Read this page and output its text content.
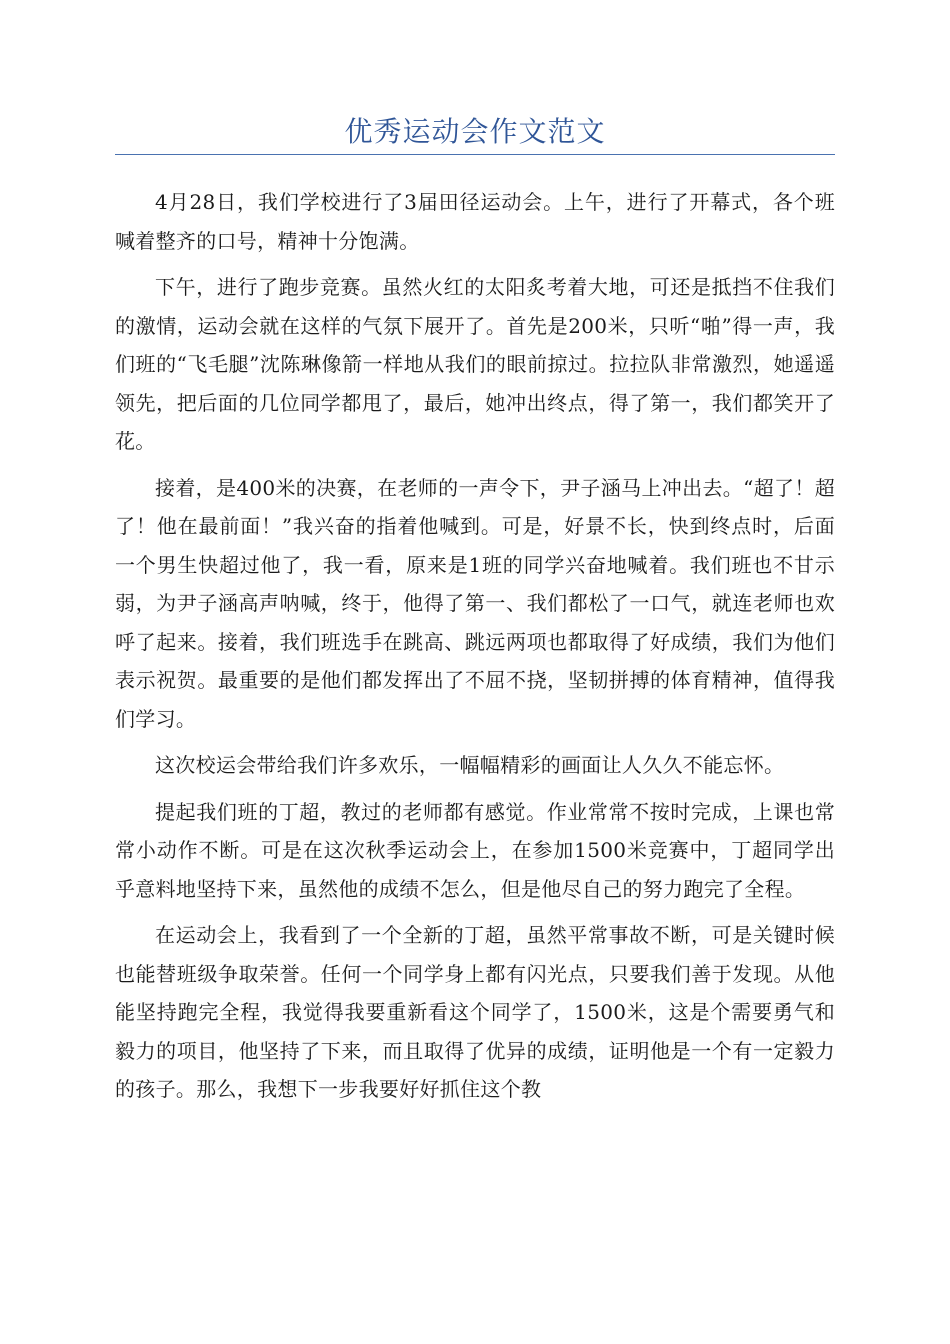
优秀运动会作文范文

4月28日，我们学校进行了3届田径运动会。上午，进行了开幕式，各个班喊着整齐的口号，精神十分饱满。

下午，进行了跑步竞赛。虽然火红的太阳炙考着大地，可还是抵挡不住我们的激情，运动会就在这样的气氛下展开了。首先是200米，只听“啪”得一声，我们班的“飞毛腿”沈陈琳像箭一样地从我们的眼前掠过。拉拉队非常激烈，她遥遥领先，把后面的几位同学都甩了，最后，她冲出终点，得了第一，我们都笑开了花。

接着，是400米的决赛，在老师的一声令下，尹子涵马上冲出去。“超了！超了！他在最前面！”我兴奋的指着他喊到。可是，好景不长，快到终点时，后面一个男生快超过他了，我一看，原来是1班的同学兴奋地喊着。我们班也不甘示弱，为尹子涵高声呐喊，终于，他得了第一、我们都松了一口气，就连老师也欢呼了起来。接着，我们班选手在跳高、跳远两项也都取得了好成绩，我们为他们表示祝贺。最重要的是他们都发挥出了不屈不挠，坚韧拼搏的体育精神，值得我们学习。

这次校运会带给我们许多欢乐，一幅幅精彩的画面让人久久不能忘怀。

提起我们班的丁超，教过的老师都有感觉。作业常常不按时完成，上课也常常小动作不断。可是在这次秋季运动会上，在参加1500米竞赛中，丁超同学出乎意料地坚持下来，虽然他的成绩不怎么，但是他尽自己的努力跑完了全程。

在运动会上，我看到了一个全新的丁超，虽然平常事故不断，可是关键时候也能替班级争取荣誉。任何一个同学身上都有闪光点，只要我们善于发现。从他能坚持跑完全程，我觉得我要重新看这个同学了，1500米，这是个需要勇气和毅力的项目，他坚持了下来，而且取得了优异的成绩，证明他是一个有一定毅力的孩子。那么，我想下一步我要好好抓住这个教
